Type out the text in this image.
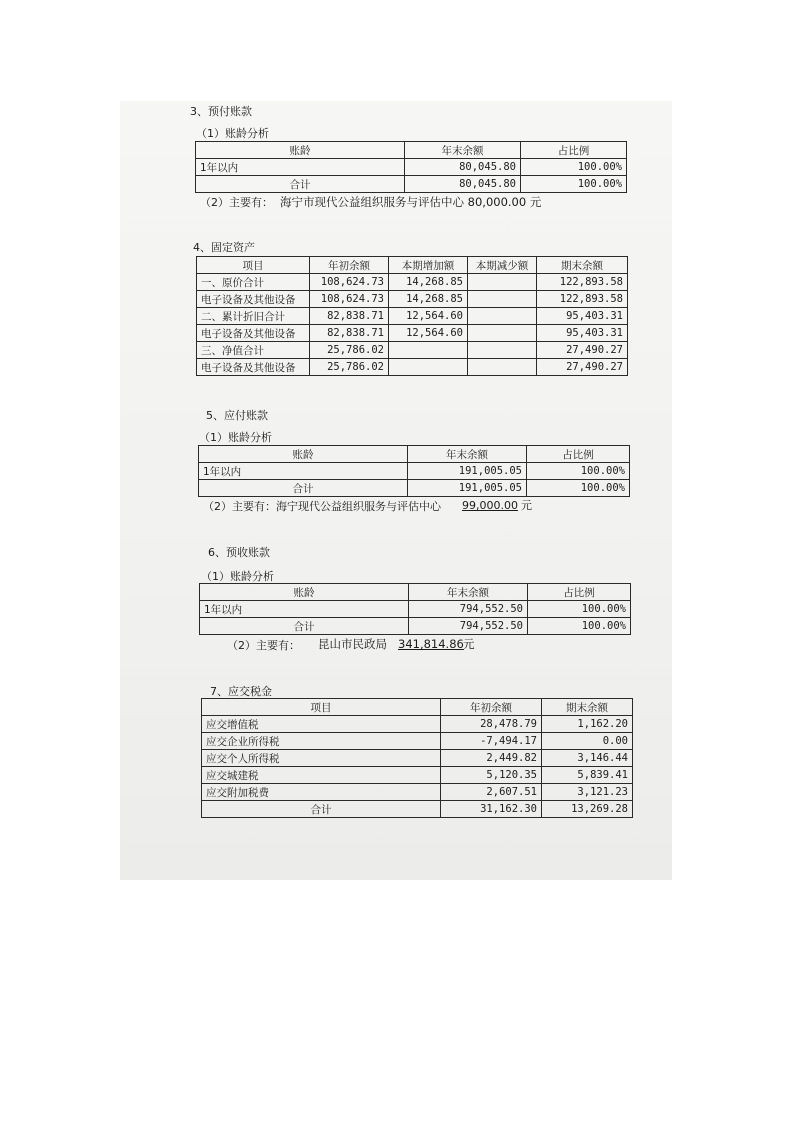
3、预付账款
（1）账龄分析
账龄	年末余额	占比例
1年以内	80,045.80	100.00%
合计	80,045.80	100.00%
（2）主要有： 海宁市现代公益组织服务与评估中心 80,000.00 元
4、固定资产
项目	年初余额	本期增加额	本期减少额	期末余额
一、原价合计	108,624.73	14,268.85		122,893.58
电子设备及其他设备	108,624.73	14,268.85		122,893.58
二、累计折旧合计	82,838.71	12,564.60		95,403.31
电子设备及其他设备	82,838.71	12,564.60		95,403.31
三、净值合计	25,786.02			27,490.27
电子设备及其他设备	25,786.02			27,490.27
5、应付账款
（1）账龄分析
账龄	年末余额	占比例
1年以内	191,005.05	100.00%
合计	191,005.05	100.00%
（2）主要有：海宁现代公益组织服务与评估中心 99,000.00 元
6、预收账款
（1）账龄分析
账龄	年末余额	占比例
1年以内	794,552.50	100.00%
合计	794,552.50	100.00%
（2）主要有： 昆山市民政局 341,814.86 元
7、应交税金
项目	年初余额	期末余额
应交增值税	28,478.79	1,162.20
应交企业所得税	-7,494.17	0.00
应交个人所得税	2,449.82	3,146.44
应交城建税	5,120.35	5,839.41
应交附加税费	2,607.51	3,121.23
合计	31,162.30	13,269.28
